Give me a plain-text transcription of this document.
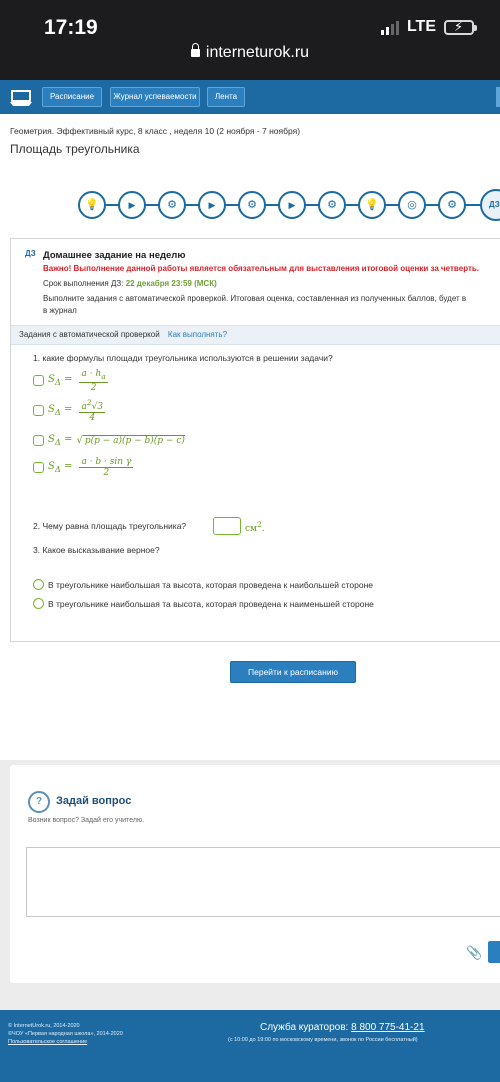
17:19	LTE ⚡
interneturok.ru
Расписание	Журнал успеваемости	Лента
Геометрия. Эффективный курс, 8 класс , неделя 10 (2 ноября - 7 ноября)
Площадь треугольника
💡	▶	⚙	▶	⚙	▶	⚙	💡	◎	⚙	ДЗ
ДЗ Домашнее задание на неделю
Важно! Выполнение данной работы является обязательным для выставления итоговой оценки за четверть.
Срок выполнения ДЗ: 22 декабря 23:59 (МСК)
Выполните задания с автоматической проверкой. Итоговая оценка, составленная из полученных баллов, будет в
в журнал
Задания с автоматической проверкой Как выполнять?
1. какие формулы площади треугольника используются в решении задачи?
$S_\Delta = \frac{a \cdot h_a}{2}$
$S_\Delta = \frac{a^2√3}{4}$
$S_\Delta$ = √ p(p − a)(p − b)(p − c)
$S_\Delta = \frac{\text{a · b · sin γ}}{2}$
2. Чему равна площадь треугольника?	$см^2$.
3. Какое высказывание верное?
В треугольнике наибольшая та высота, которая проведена к наибольшей стороне
В треугольнике наибольшая та высота, которая проведена к наименьшей стороне
Перейти к расписанию
?	Задай вопрос
Возник вопрос? Задай его учителю.
📎
© InternetUrok.ru, 2014-2020
©ЧОУ «Первая народная школа», 2014-2020
Пользовательское соглашение
Служба кураторов: 8 800 775-41-21
(с 10:00 до 19:00 по московскому времени, звонок по России бесплатный)
